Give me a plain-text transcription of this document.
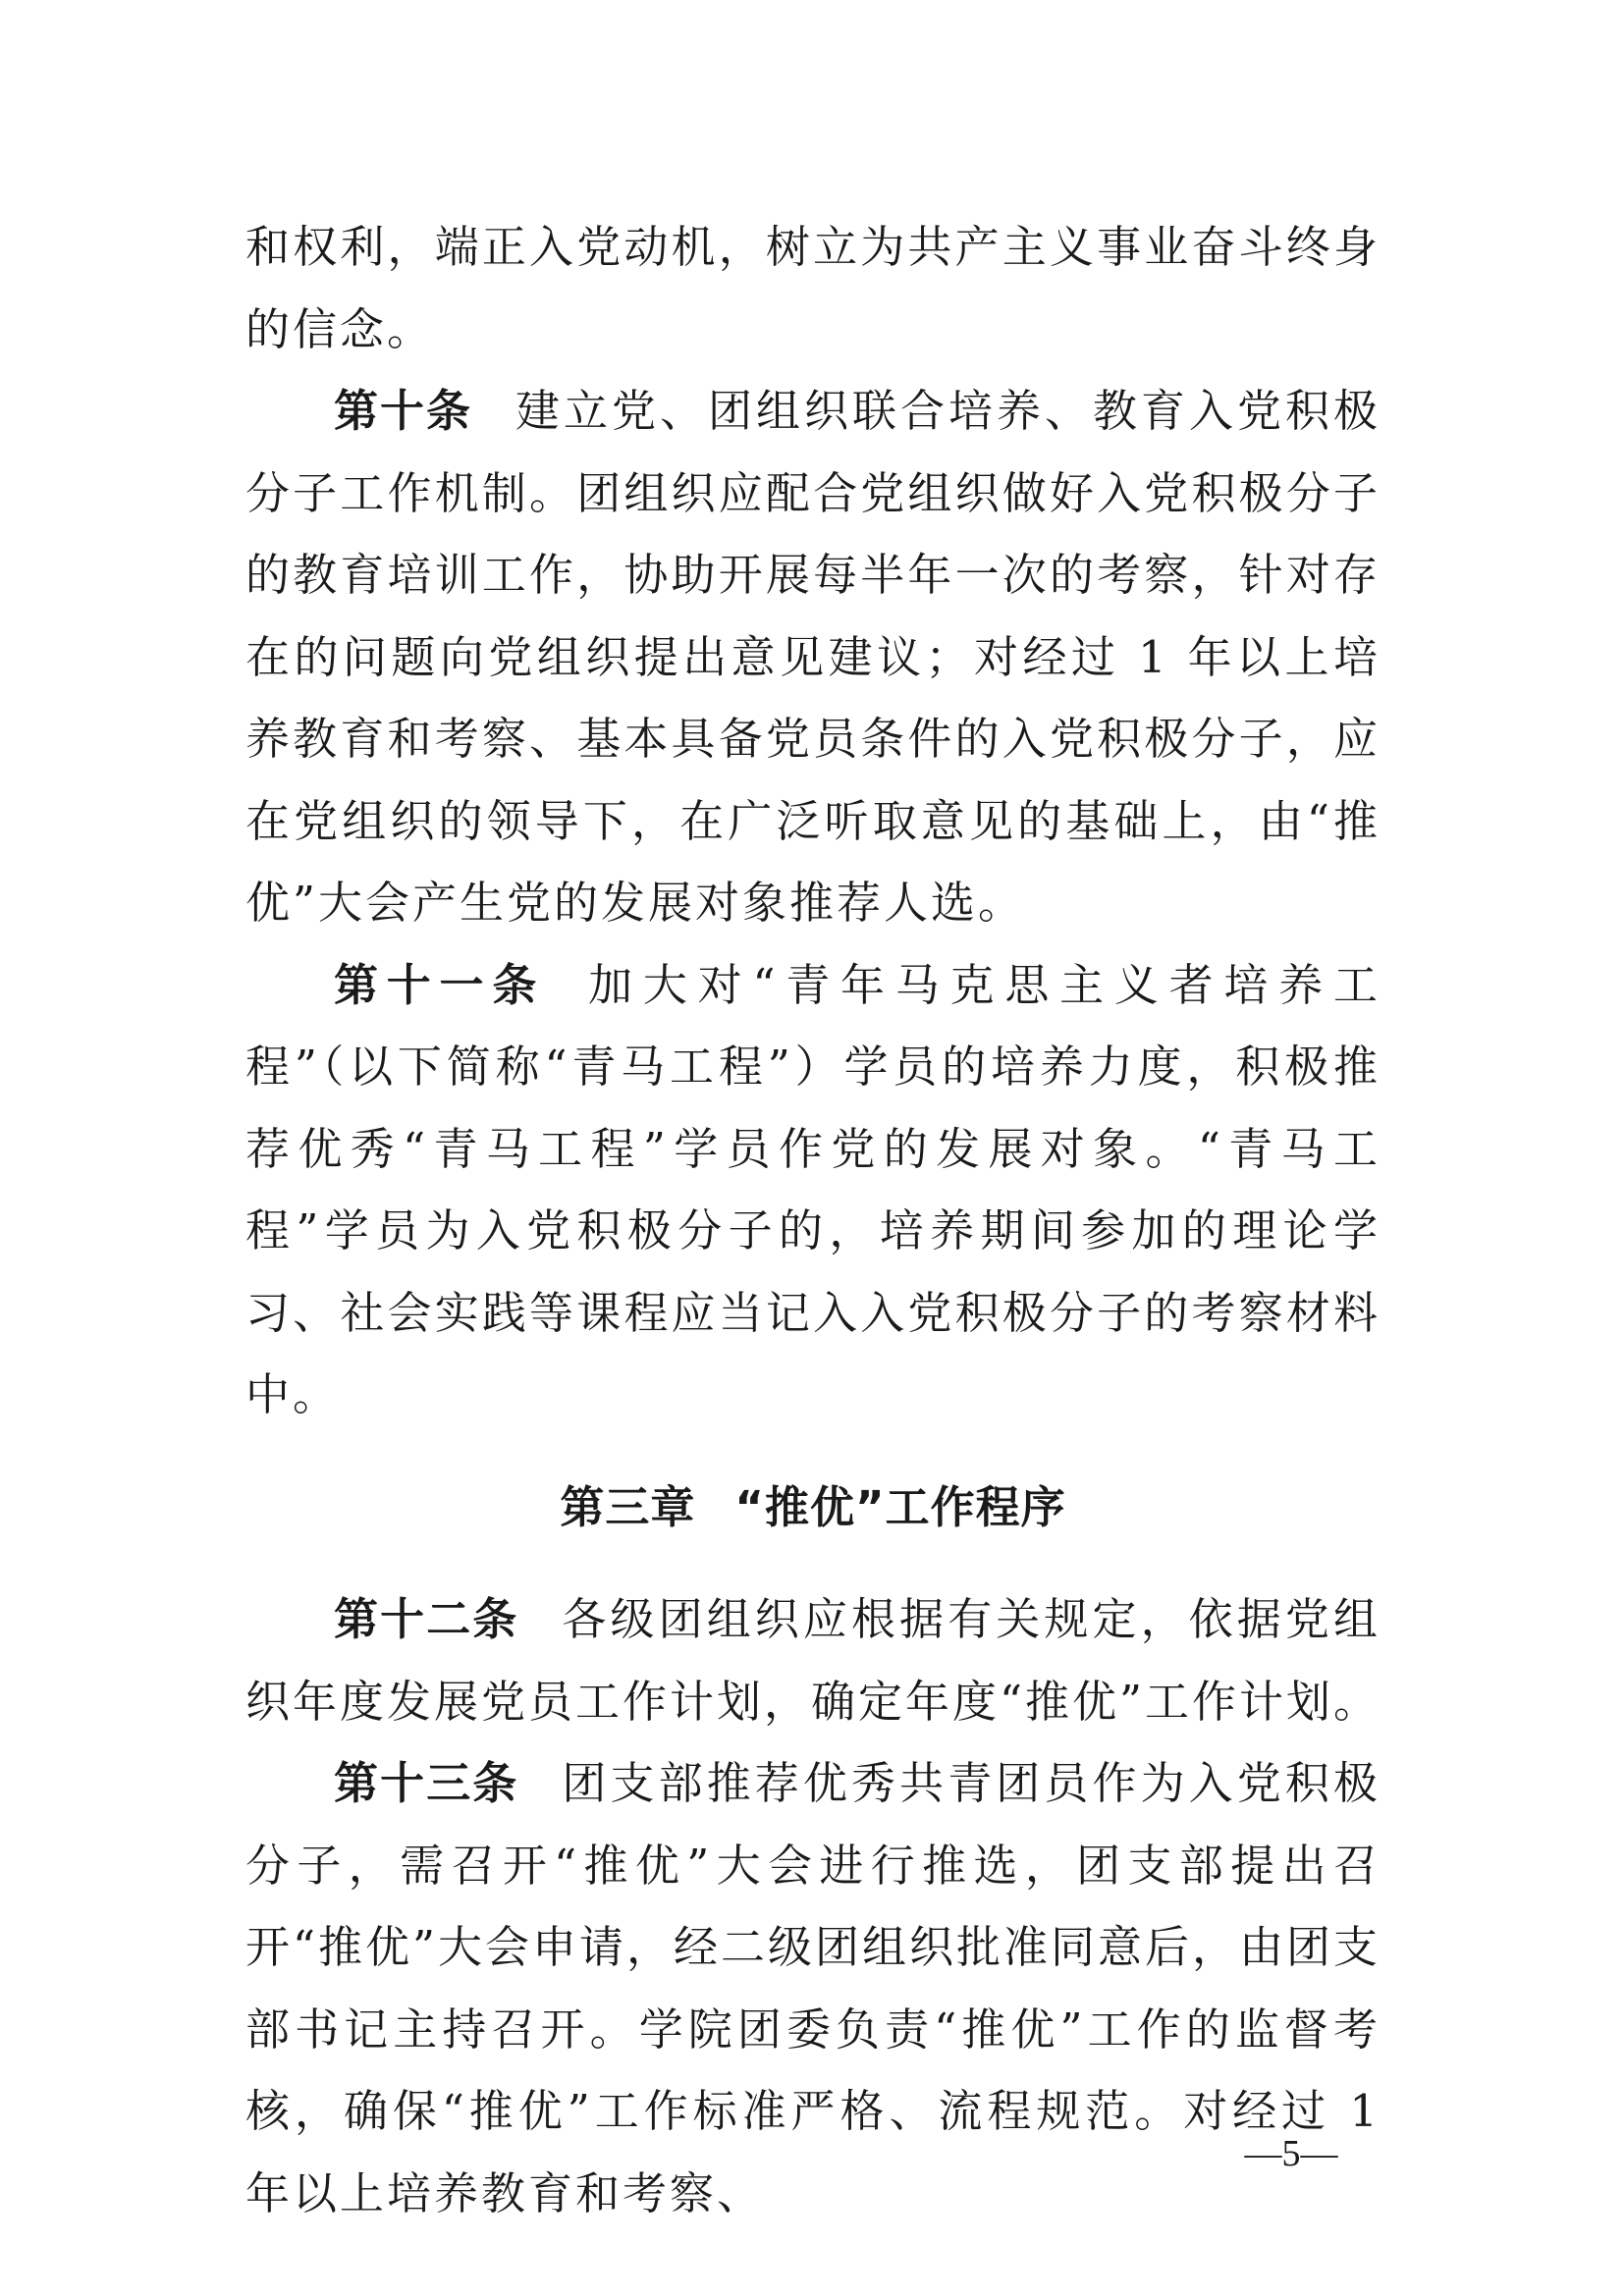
和权利，端正入党动机，树立为共产主义事业奋斗终身的信念。

第十条 建立党、团组织联合培养、教育入党积极分子工作机制。团组织应配合党组织做好入党积极分子的教育培训工作，协助开展每半年一次的考察，针对存在的问题向党组织提出意见建议；对经过 1 年以上培养教育和考察、基本具备党员条件的入党积极分子，应在党组织的领导下，在广泛听取意见的基础上，由“推优”大会产生党的发展对象推荐人选。

第十一条 加大对“青年马克思主义者培养工程”（以下简称“青马工程”）学员的培养力度，积极推荐优秀“青马工程”学员作党的发展对象。“青马工程”学员为入党积极分子的，培养期间参加的理论学习、社会实践等课程应当记入入党积极分子的考察材料中。

第三章 “推优”工作程序

第十二条 各级团组织应根据有关规定，依据党组织年度发展党员工作计划，确定年度“推优”工作计划。

第十三条 团支部推荐优秀共青团员作为入党积极分子，需召开“推优”大会进行推选，团支部提出召开“推优”大会申请，经二级团组织批准同意后，由团支部书记主持召开。学院团委负责“推优”工作的监督考核，确保“推优”工作标准严格、流程规范。对经过 1 年以上培养教育和考察、

—5—
